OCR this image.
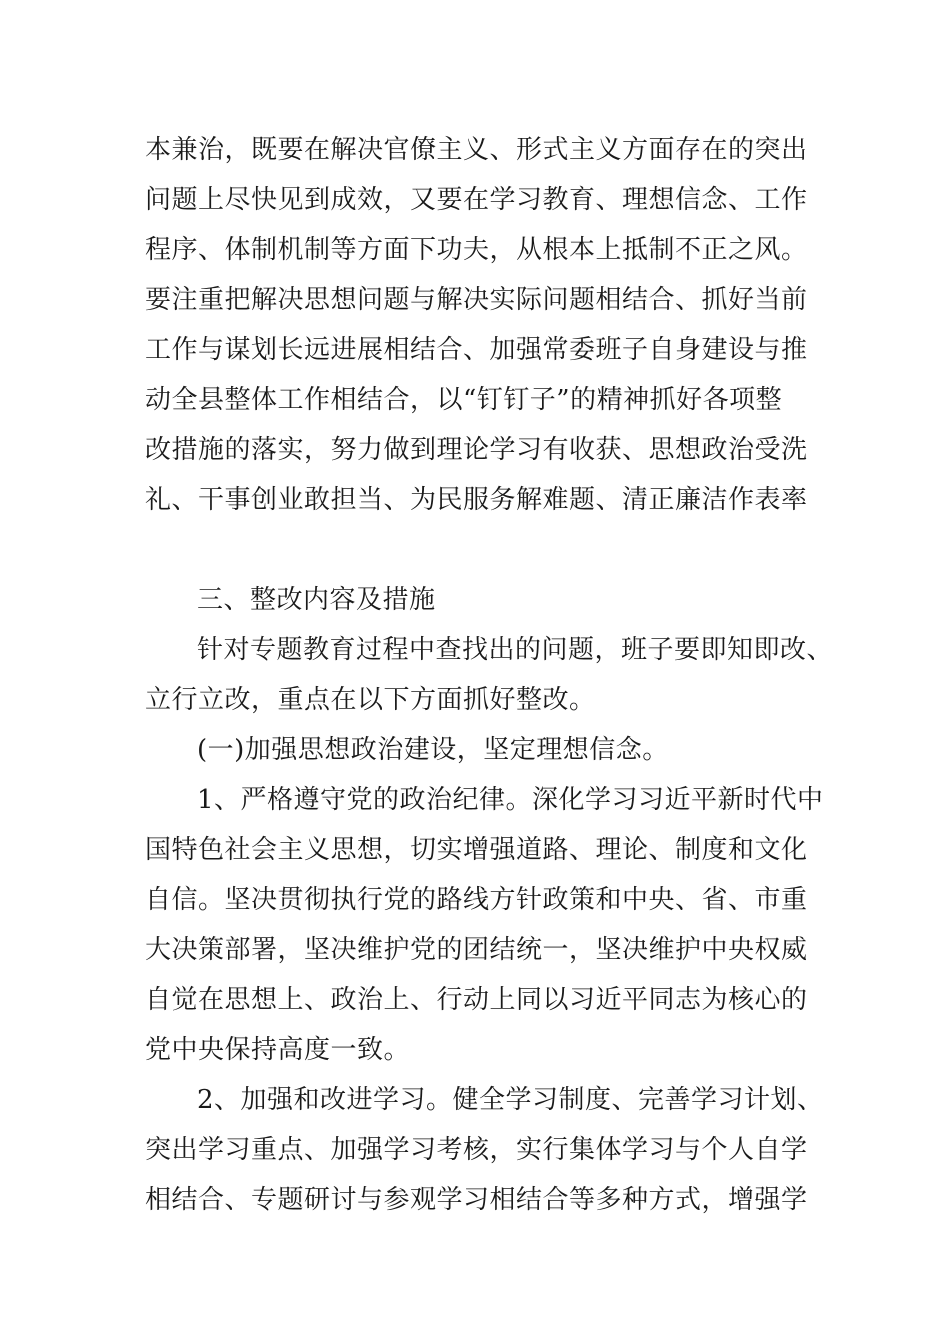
本兼治，既要在解决官僚主义、形式主义方面存在的突出
问题上尽快见到成效，又要在学习教育、理想信念、工作
程序、体制机制等方面下功夫，从根本上抵制不正之风。
要注重把解决思想问题与解决实际问题相结合、抓好当前
工作与谋划长远进展相结合、加强常委班子自身建设与推
动全县整体工作相结合，以“钉钉子”的精神抓好各项整
改措施的落实，努力做到理论学习有收获、思想政治受洗
礼、干事创业敢担当、为民服务解难题、清正廉洁作表率
三、整改内容及措施
针对专题教育过程中查找出的问题，班子要即知即改、
立行立改，重点在以下方面抓好整改。
(一)加强思想政治建设，坚定理想信念。
1、严格遵守党的政治纪律。深化学习习近平新时代中
国特色社会主义思想，切实增强道路、理论、制度和文化
自信。坚决贯彻执行党的路线方针政策和中央、省、市重
大决策部署，坚决维护党的团结统一，坚决维护中央权威
自觉在思想上、政治上、行动上同以习近平同志为核心的
党中央保持高度一致。
2、加强和改进学习。健全学习制度、完善学习计划、
突出学习重点、加强学习考核，实行集体学习与个人自学
相结合、专题研讨与参观学习相结合等多种方式，增强学
